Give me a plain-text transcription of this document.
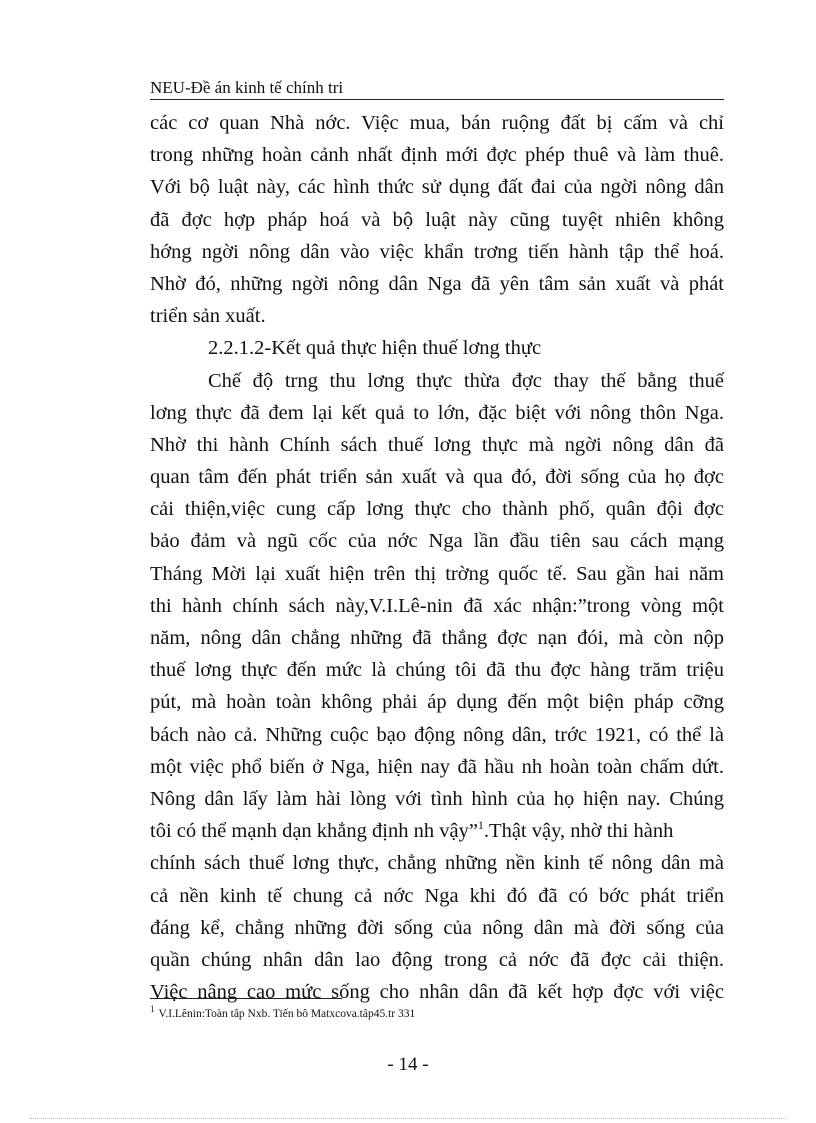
NEU-Đề án kinh tế chính tri
các cơ quan Nhà nớc. Việc mua, bán ruộng đất bị cấm và chỉ
trong những hoàn cảnh nhất định mới đợc phép thuê và làm thuê.
Với bộ luật này, các hình thức sử dụng đất đai của ngời nông dân
đã đợc hợp pháp hoá và bộ luật này cũng tuyệt nhiên không
hớng ngời nông dân vào việc khẩn trơng tiến hành tập thể hoá.
Nhờ đó, những ngời nông dân Nga đã yên tâm sản xuất và phát
triển sản xuất.
2.2.1.2-Kết quả thực hiện thuế lơng thực
Chế độ trng thu lơng thực thừa đợc thay thế bằng thuế
lơng thực đã đem lại kết quả to lớn, đặc biệt với nông thôn Nga.
Nhờ thi hành Chính sách thuế lơng thực mà ngời nông dân đã
quan tâm đến phát triển sản xuất và qua đó, đời sống của họ đợc
cải thiện,việc cung cấp lơng thực cho thành phố, quân đội đợc
bảo đảm và ngũ cốc của nớc Nga lần đầu tiên sau cách mạng
Tháng Mời lại xuất hiện trên thị trờng quốc tế. Sau gần hai năm
thi hành chính sách này,V.I.Lê-nin đã xác nhận:”trong vòng một
năm, nông dân chẳng những đã thắng đợc nạn đói, mà còn nộp
thuế lơng thực đến mức là chúng tôi đã thu đợc hàng trăm triệu
pút, mà hoàn toàn không phải áp dụng đến một biện pháp cỡng
bách nào cả. Những cuộc bạo động nông dân, trớc 1921, có thể là
một việc phổ biến ở Nga, hiện nay đã hầu nh hoàn toàn chấm dứt.
Nông dân lấy làm hài lòng với tình hình của họ hiện nay. Chúng
tôi có thể mạnh dạn khẳng định nh vậy”$^1$.Thật vậy, nhờ thi hành
chính sách thuế lơng thực, chẳng những nền kinh tế nông dân mà
cả nền kinh tế chung cả nớc Nga khi đó đã có bớc phát triển
đáng kể, chẳng những đời sống của nông dân mà đời sống của
quần chúng nhân dân lao động trong cả nớc đã đợc cải thiện.
Việc nâng cao mức sống cho nhân dân đã kết hợp đợc với việc
$^1$ V.I.Lênin:Toàn tâp Nxb. Tiến bô Matxcova.tâp45.tr 331
- 14 -
